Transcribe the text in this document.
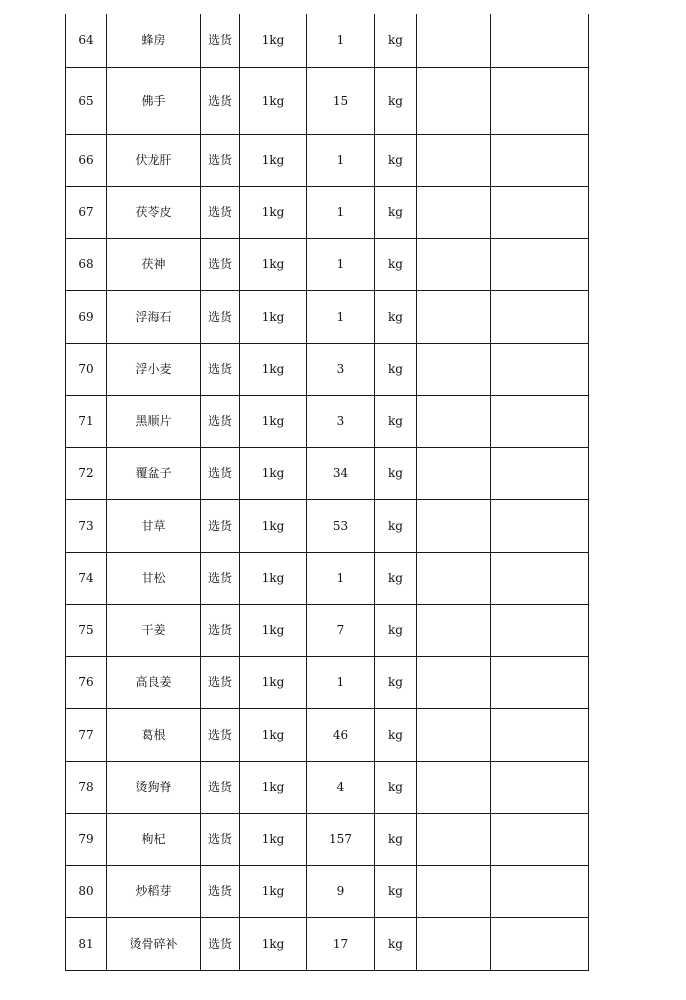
64	蜂房	选货	1kg	1	kg		
65	佛手	选货	1kg	15	kg		
66	伏龙肝	选货	1kg	1	kg		
67	茯苓皮	选货	1kg	1	kg		
68	茯神	选货	1kg	1	kg		
69	浮海石	选货	1kg	1	kg		
70	浮小麦	选货	1kg	3	kg		
71	黑顺片	选货	1kg	3	kg		
72	覆盆子	选货	1kg	34	kg		
73	甘草	选货	1kg	53	kg		
74	甘松	选货	1kg	1	kg		
75	干姜	选货	1kg	7	kg		
76	高良姜	选货	1kg	1	kg		
77	葛根	选货	1kg	46	kg		
78	烫狗脊	选货	1kg	4	kg		
79	枸杞	选货	1kg	157	kg		
80	炒稻芽	选货	1kg	9	kg		
81	烫骨碎补	选货	1kg	17	kg		
